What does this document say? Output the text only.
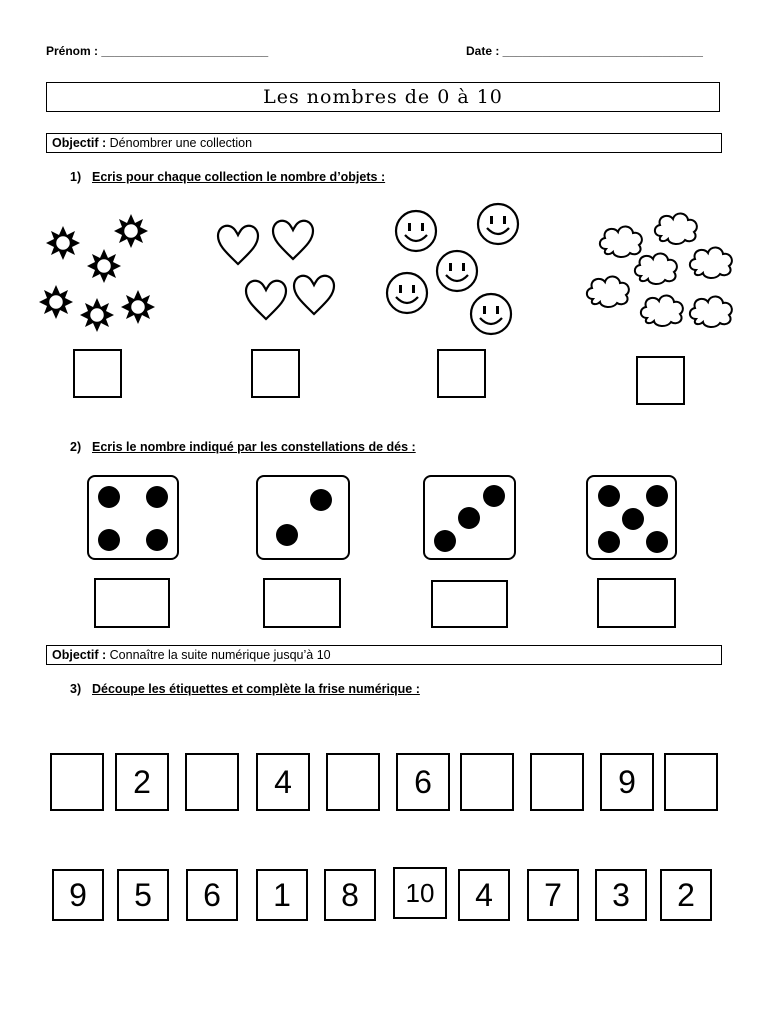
Prénom : _________________________	Date : ______________________________
Les nombres de 0 à 10
Objectif : Dénombrer une collection
1) Ecris pour chaque collection le nombre d’objets :
2) Ecris le nombre indiqué par les constellations de dés :
Objectif : Connaître la suite numérique jusqu’à 10
3) Découpe les étiquettes et complète la frise numérique :
2	4	6	9
9	5	6	1	8	10	4	7	3	2
